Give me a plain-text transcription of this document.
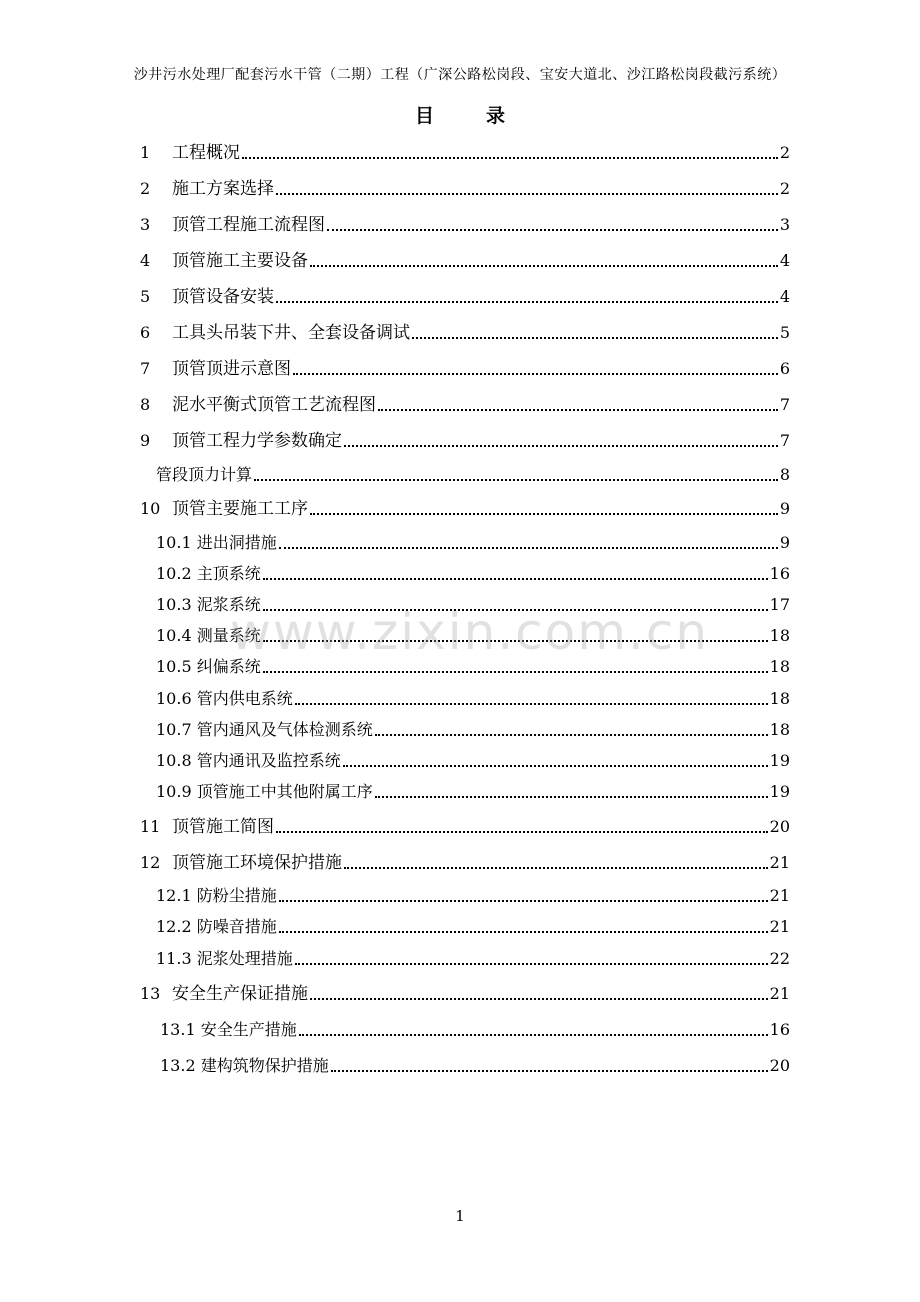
沙井污水处理厂配套污水干管（二期）工程（广深公路松岗段、宝安大道北、沙江路松岗段截污系统）
目	录
1	工程概况	2
2	施工方案选择	2
3	顶管工程施工流程图	3
4	顶管施工主要设备	4
5	顶管设备安装	4
6	工具头吊装下井、全套设备调试	5
7	顶管顶进示意图	6
8	泥水平衡式顶管工艺流程图	7
9	顶管工程力学参数确定	7
管段顶力计算	8
10 顶管主要施工工序	9
10.1 进出洞措施	9
10.2 主顶系统	16
10.3 泥浆系统	17
10.4 测量系统	18
10.5 纠偏系统	18
10.6 管内供电系统	18
10.7 管内通风及气体检测系统	18
10.8 管内通讯及监控系统	19
10.9 顶管施工中其他附属工序	19
11 顶管施工简图	20
12 顶管施工环境保护措施	21
12.1 防粉尘措施	21
12.2 防噪音措施	21
11.3 泥浆处理措施	22
13 安全生产保证措施	21
13.1 安全生产措施	16
13.2 建构筑物保护措施	20
www.zixin.com.cn
1
